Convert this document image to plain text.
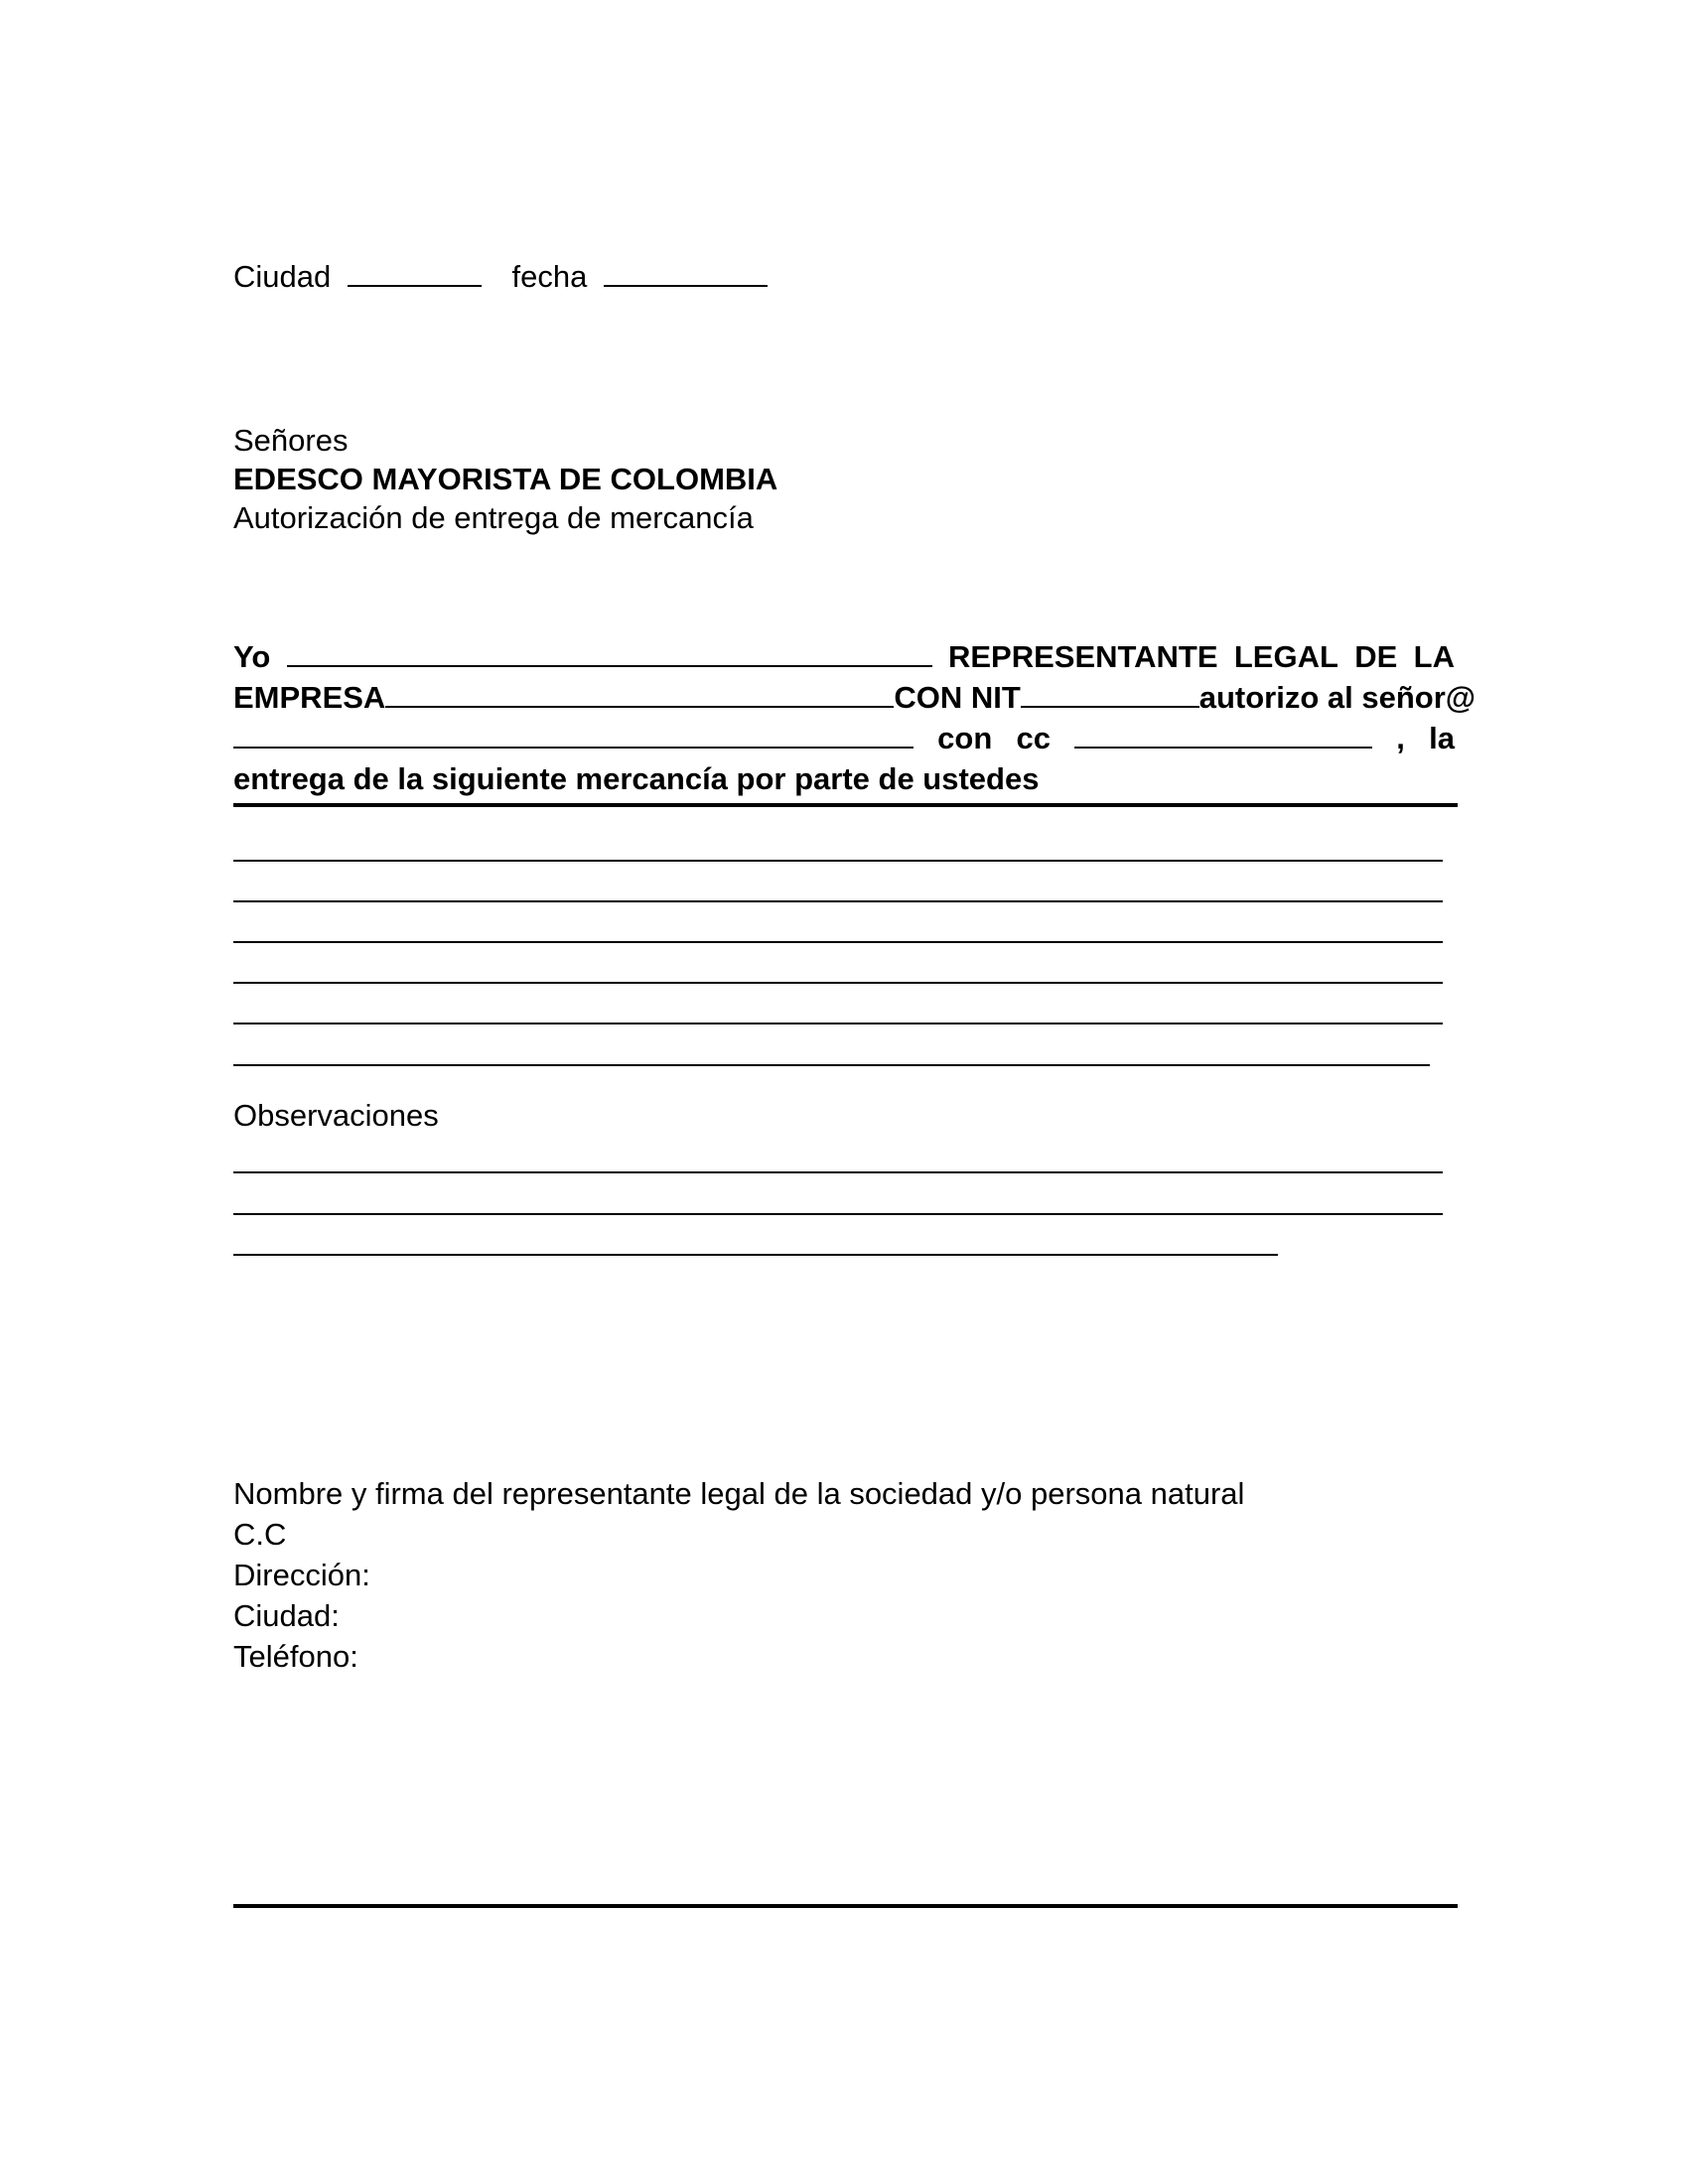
Ciudad	fecha
Señores
EDESCO MAYORISTA DE COLOMBIA
Autorización de entrega de mercancía
Yo	REPRESENTANTE LEGAL DE LA
EMPRESA	CON NIT	autorizo al señor@
con cc	, la
entrega de la siguiente mercancía por parte de ustedes
Observaciones
Nombre y firma del representante legal de la sociedad y/o persona natural
C.C
Dirección:
Ciudad:
Teléfono:
